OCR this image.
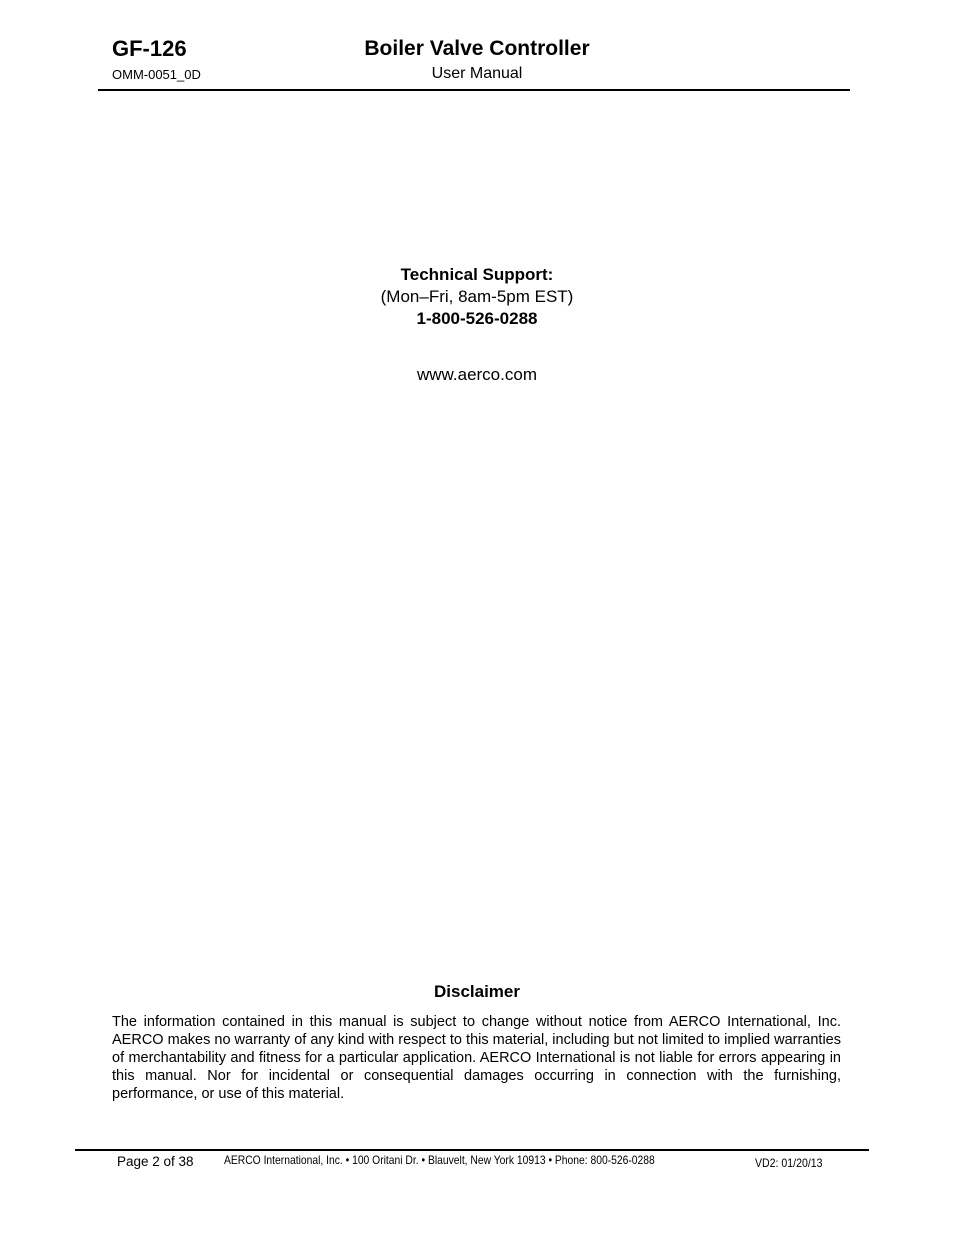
GF-126
OMM-0051_0D
Boiler Valve Controller
User Manual
Technical Support:
(Mon–Fri, 8am-5pm EST)
1-800-526-0288
www.aerco.com
Disclaimer
The information contained in this manual is subject to change without notice from AERCO International, Inc. AERCO makes no warranty of any kind with respect to this material, including but not limited to implied warranties of merchantability and fitness for a particular application. AERCO International is not liable for errors appearing in this manual. Nor for incidental or consequential damages occurring in connection with the furnishing, performance, or use of this material.
Page 2 of 38	AERCO International, Inc. • 100 Oritani Dr. • Blauvelt, New York 10913 • Phone: 800-526-0288	VD2: 01/20/13
